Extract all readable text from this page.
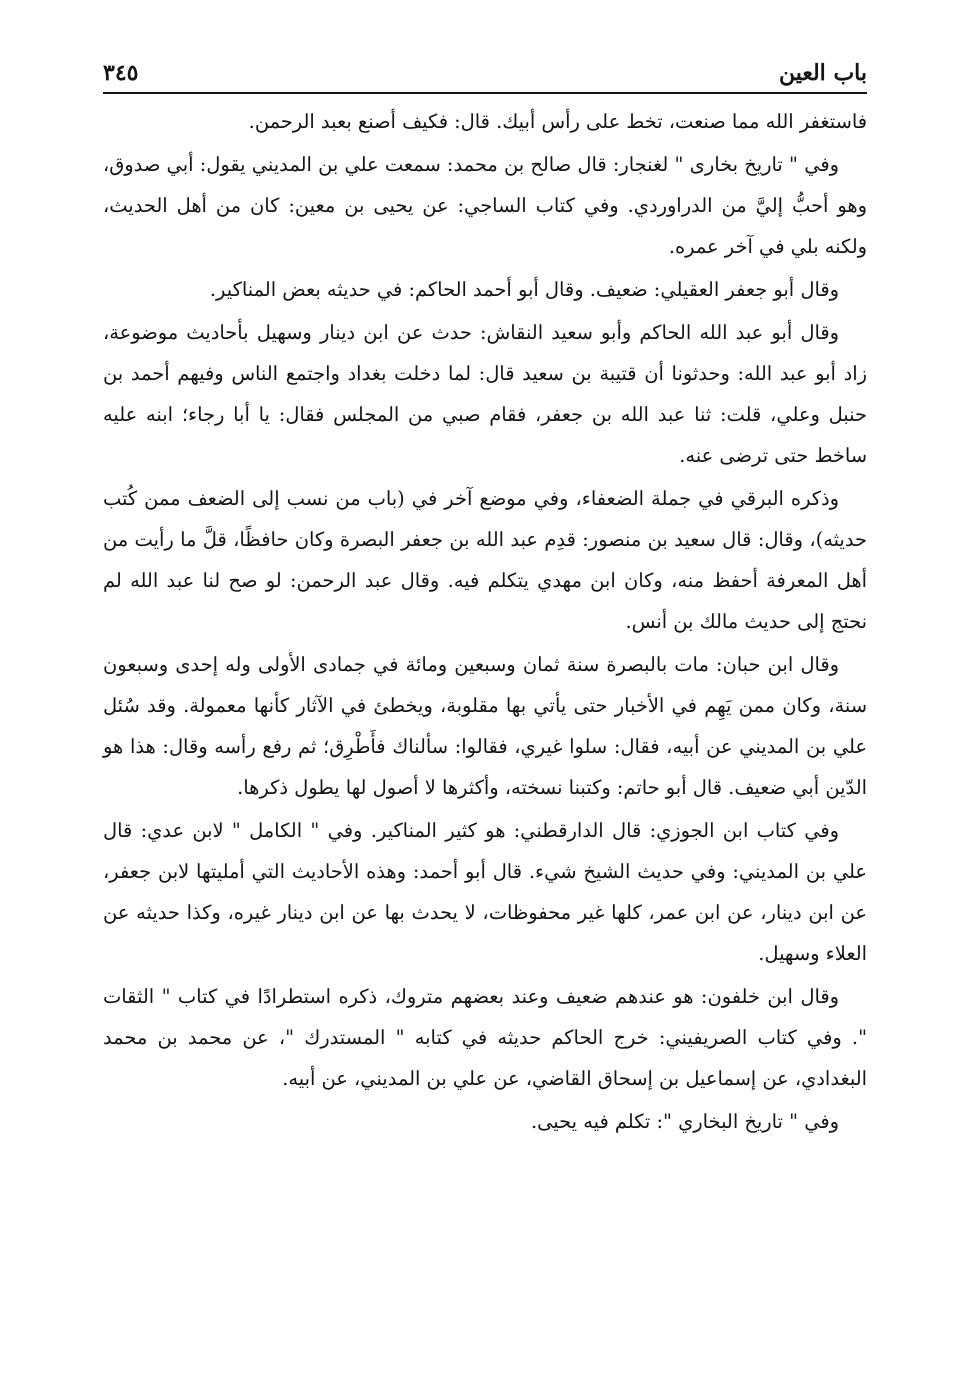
باب العين
٣٤٥

فاستغفر الله مما صنعت، تخط على رأس أبيك. قال: فكيف أصنع بعبد الرحمن.

وفي " تاريخ بخارى " لغنجار: قال صالح بن محمد: سمعت علي بن المديني يقول: أبي صدوق، وهو أحبُّ إليَّ من الدراوردي. وفي كتاب الساجي: عن يحيى بن معين: كان من أهل الحديث، ولكنه بلي في آخر عمره.

وقال أبو جعفر العقيلي: ضعيف. وقال أبو أحمد الحاكم: في حديثه بعض المناكير.

وقال أبو عبد الله الحاكم وأبو سعيد النقاش: حدث عن ابن دينار وسهيل بأحاديث موضوعة، زاد أبو عبد الله: وحدثونا أن قتيبة بن سعيد قال: لما دخلت بغداد واجتمع الناس وفيهم أحمد بن حنبل وعلي، قلت: ثنا عبد الله بن جعفر، فقام صبي من المجلس فقال: يا أبا رجاء؛ ابنه عليه ساخط حتى ترضى عنه.

وذكره البرقي في جملة الضعفاء، وفي موضع آخر في (باب من نسب إلى الضعف ممن كُتب حديثه)، وقال: قال سعيد بن منصور: قدِم عبد الله بن جعفر البصرة وكان حافظًا، قلَّ ما رأيت من أهل المعرفة أحفظ منه، وكان ابن مهدي يتكلم فيه. وقال عبد الرحمن: لو صح لنا عبد الله لم نحتج إلى حديث مالك بن أنس.

وقال ابن حبان: مات بالبصرة سنة ثمان وسبعين ومائة في جمادى الأولى وله إحدى وسبعون سنة، وكان ممن يَهِم في الأخبار حتى يأتي بها مقلوبة، ويخطئ في الآثار كأنها معمولة. وقد سُئل علي بن المديني عن أبيه، فقال: سلوا غيري، فقالوا: سألناك فأَطْرِق؛ ثم رفع رأسه وقال: هذا هو الدّين أبي ضعيف. قال أبو حاتم: وكتبنا نسخته، وأكثرها لا أصول لها يطول ذكرها.

وفي كتاب ابن الجوزي: قال الدارقطني: هو كثير المناكير. وفي " الكامل " لابن عدي: قال علي بن المديني: وفي حديث الشيخ شيء. قال أبو أحمد: وهذه الأحاديث التي أمليتها لابن جعفر، عن ابن دينار، عن ابن عمر، كلها غير محفوظات، لا يحدث بها عن ابن دينار غيره، وكذا حديثه عن العلاء وسهيل.

وقال ابن خلفون: هو عندهم ضعيف وعند بعضهم متروك، ذكره استطرادًا في كتاب " الثقات ". وفي كتاب الصريفيني: خرج الحاكم حديثه في كتابه " المستدرك "، عن محمد بن محمد البغدادي، عن إسماعيل بن إسحاق القاضي، عن علي بن المديني، عن أبيه.

وفي " تاريخ البخاري ": تكلم فيه يحيى.
